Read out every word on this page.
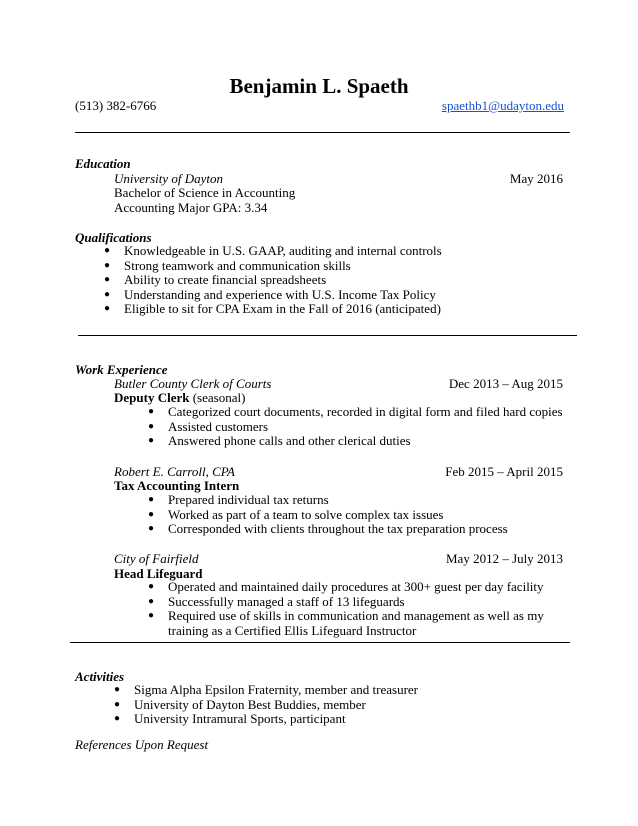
Benjamin L. Spaeth
(513) 382-6766	spaethb1@udayton.edu
Education
University of Dayton	May 2016
Bachelor of Science in Accounting
Accounting Major GPA: 3.34
Qualifications
● Knowledgeable in U.S. GAAP, auditing and internal controls
● Strong teamwork and communication skills
● Ability to create financial spreadsheets
● Understanding and experience with U.S. Income Tax Policy
● Eligible to sit for CPA Exam in the Fall of 2016 (anticipated)
Work Experience
Butler County Clerk of Courts	Dec 2013 – Aug 2015
Deputy Clerk (seasonal)
● Categorized court documents, recorded in digital form and filed hard copies
● Assisted customers
● Answered phone calls and other clerical duties
Robert E. Carroll, CPA	Feb 2015 – April 2015
Tax Accounting Intern
● Prepared individual tax returns
● Worked as part of a team to solve complex tax issues
● Corresponded with clients throughout the tax preparation process
City of Fairfield	May 2012 – July 2013
Head Lifeguard
● Operated and maintained daily procedures at 300+ guest per day facility
● Successfully managed a staff of 13 lifeguards
● Required use of skills in communication and management as well as my training as a Certified Ellis Lifeguard Instructor
Activities
● Sigma Alpha Epsilon Fraternity, member and treasurer
● University of Dayton Best Buddies, member
● University Intramural Sports, participant
References Upon Request
